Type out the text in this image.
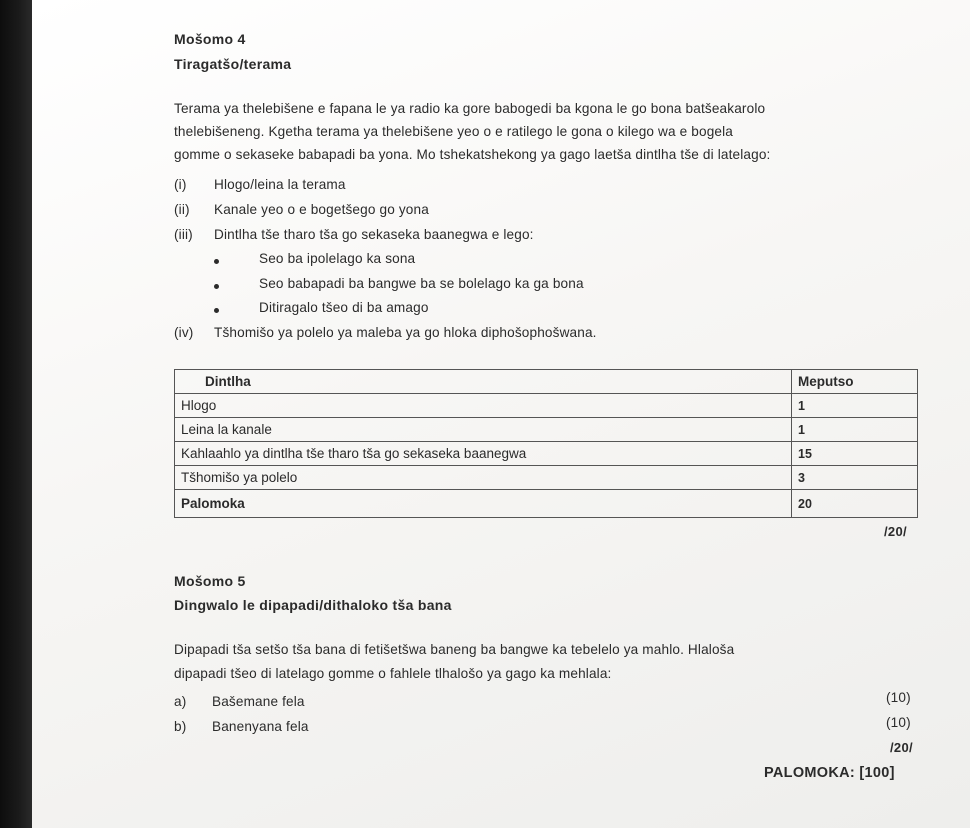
Mošomo 4
Tiragatšo/terama
Terama ya thelebišene e fapana le ya radio ka gore babogedi ba kgona le go bona batšeakarolo
thelebišeneng. Kgetha terama ya thelebišene yeo o e ratilego le gona o kilego wa e bogela
gomme o sekaseke babapadi ba yona. Mo tshekatshekong ya gago laetša dintlha tše di latelago:
(i) Hlogo/leina la terama
(ii) Kanale yeo o e bogetšego go yona
(iii) Dintlha tše tharo tša go sekaseka baanegwa e lego:
Seo ba ipolelago ka sona
Seo babapadi ba bangwe ba se bolelago ka ga bona
Ditiragalo tšeo di ba amago
(iv) Tšhomišo ya polelo ya maleba ya go hloka diphošophošwana.
Dintlha	Meputso
Hlogo	1
Leina la kanale	1
Kahlaahlo ya dintlha tše tharo tša go sekaseka baanegwa	15
Tšhomišo ya polelo	3
Palomoka	20
/20/
Mošomo 5
Dingwalo le dipapadi/dithaloko tša bana
Dipapadi tša setšo tša bana di fetišetšwa baneng ba bangwe ka tebelelo ya mahlo. Hlaloša
dipapadi tšeo di latelago gomme o fahlele tlhalošo ya gago ka mehlala:
a) Bašemane fela	(10)
b) Banenyana fela	(10)
/20/
PALOMOKA: [100]
